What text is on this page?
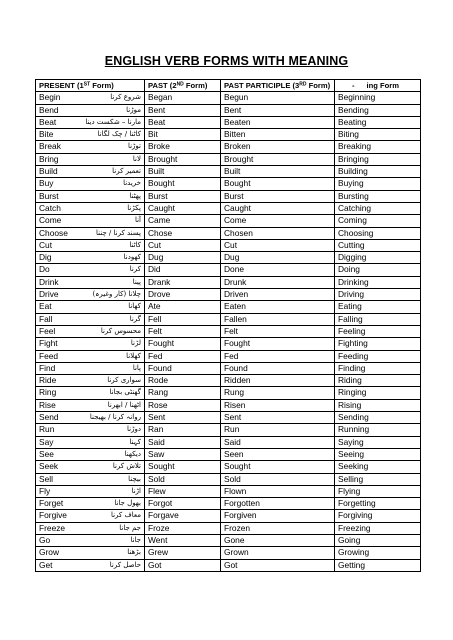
ENGLISH VERB FORMS WITH MEANING
PRESENT (1ST Form)	PAST (2ND Form)	PAST PARTICIPLE (3RD Form)	- ing Form

Begin شروع کرنا	Began	Begun	Beginning

Bend موڑنا	Bent	Bent	Bending

Beat مارنا – شکست دینا	Beat	Beaten	Beating

Bite کاٹنا / چک لگانا	Bit	Bitten	Biting

Break توڑنا	Broke	Broken	Breaking

Bring لانا	Brought	Brought	Bringing

Build تعمیر کرنا	Built	Built	Building

Buy خریدنا	Bought	Bought	Buying

Burst پھٹنا	Burst	Burst	Bursting

Catch پکڑنا	Caught	Caught	Catching

Come آنا	Came	Come	Coming

Choose پسند کرنا / چننا	Chose	Chosen	Choosing

Cut کاٹنا	Cut	Cut	Cutting

Dig کھودنا	Dug	Dug	Digging

Do کرنا	Did	Done	Doing

Drink پینا	Drank	Drunk	Drinking

Drive چلانا (کار وغیرہ)	Drove	Driven	Driving

Eat کھانا	Ate	Eaten	Eating

Fall گرنا	Fell	Fallen	Falling

Feel محسوس کرنا	Felt	Felt	Feeling

Fight لڑنا	Fought	Fought	Fighting

Feed کھلانا	Fed	Fed	Feeding

Find پانا	Found	Found	Finding

Ride سواری کرنا	Rode	Ridden	Riding

Ring گھنٹی بجانا	Rang	Rung	Ringing

Rise اٹھنا / ابھرنا	Rose	Risen	Rising

Send روانہ کرنا / بھیجنا	Sent	Sent	Sending

Run دوڑنا	Ran	Run	Running

Say کہنا	Said	Said	Saying

See دیکھنا	Saw	Seen	Seeing

Seek تلاش کرنا	Sought	Sought	Seeking

Sell بیچنا	Sold	Sold	Selling

Fly اڑنا	Flew	Flown	Flying

Forget بھول جانا	Forgot	Forgotten	Forgetting

Forgive معاف کرنا	Forgave	Forgiven	Forgiving

Freeze جم جانا	Froze	Frozen	Freezing

Go جانا	Went	Gone	Going

Grow بڑھنا	Grew	Grown	Growing

Get حاصل کرنا	Got	Got	Getting
